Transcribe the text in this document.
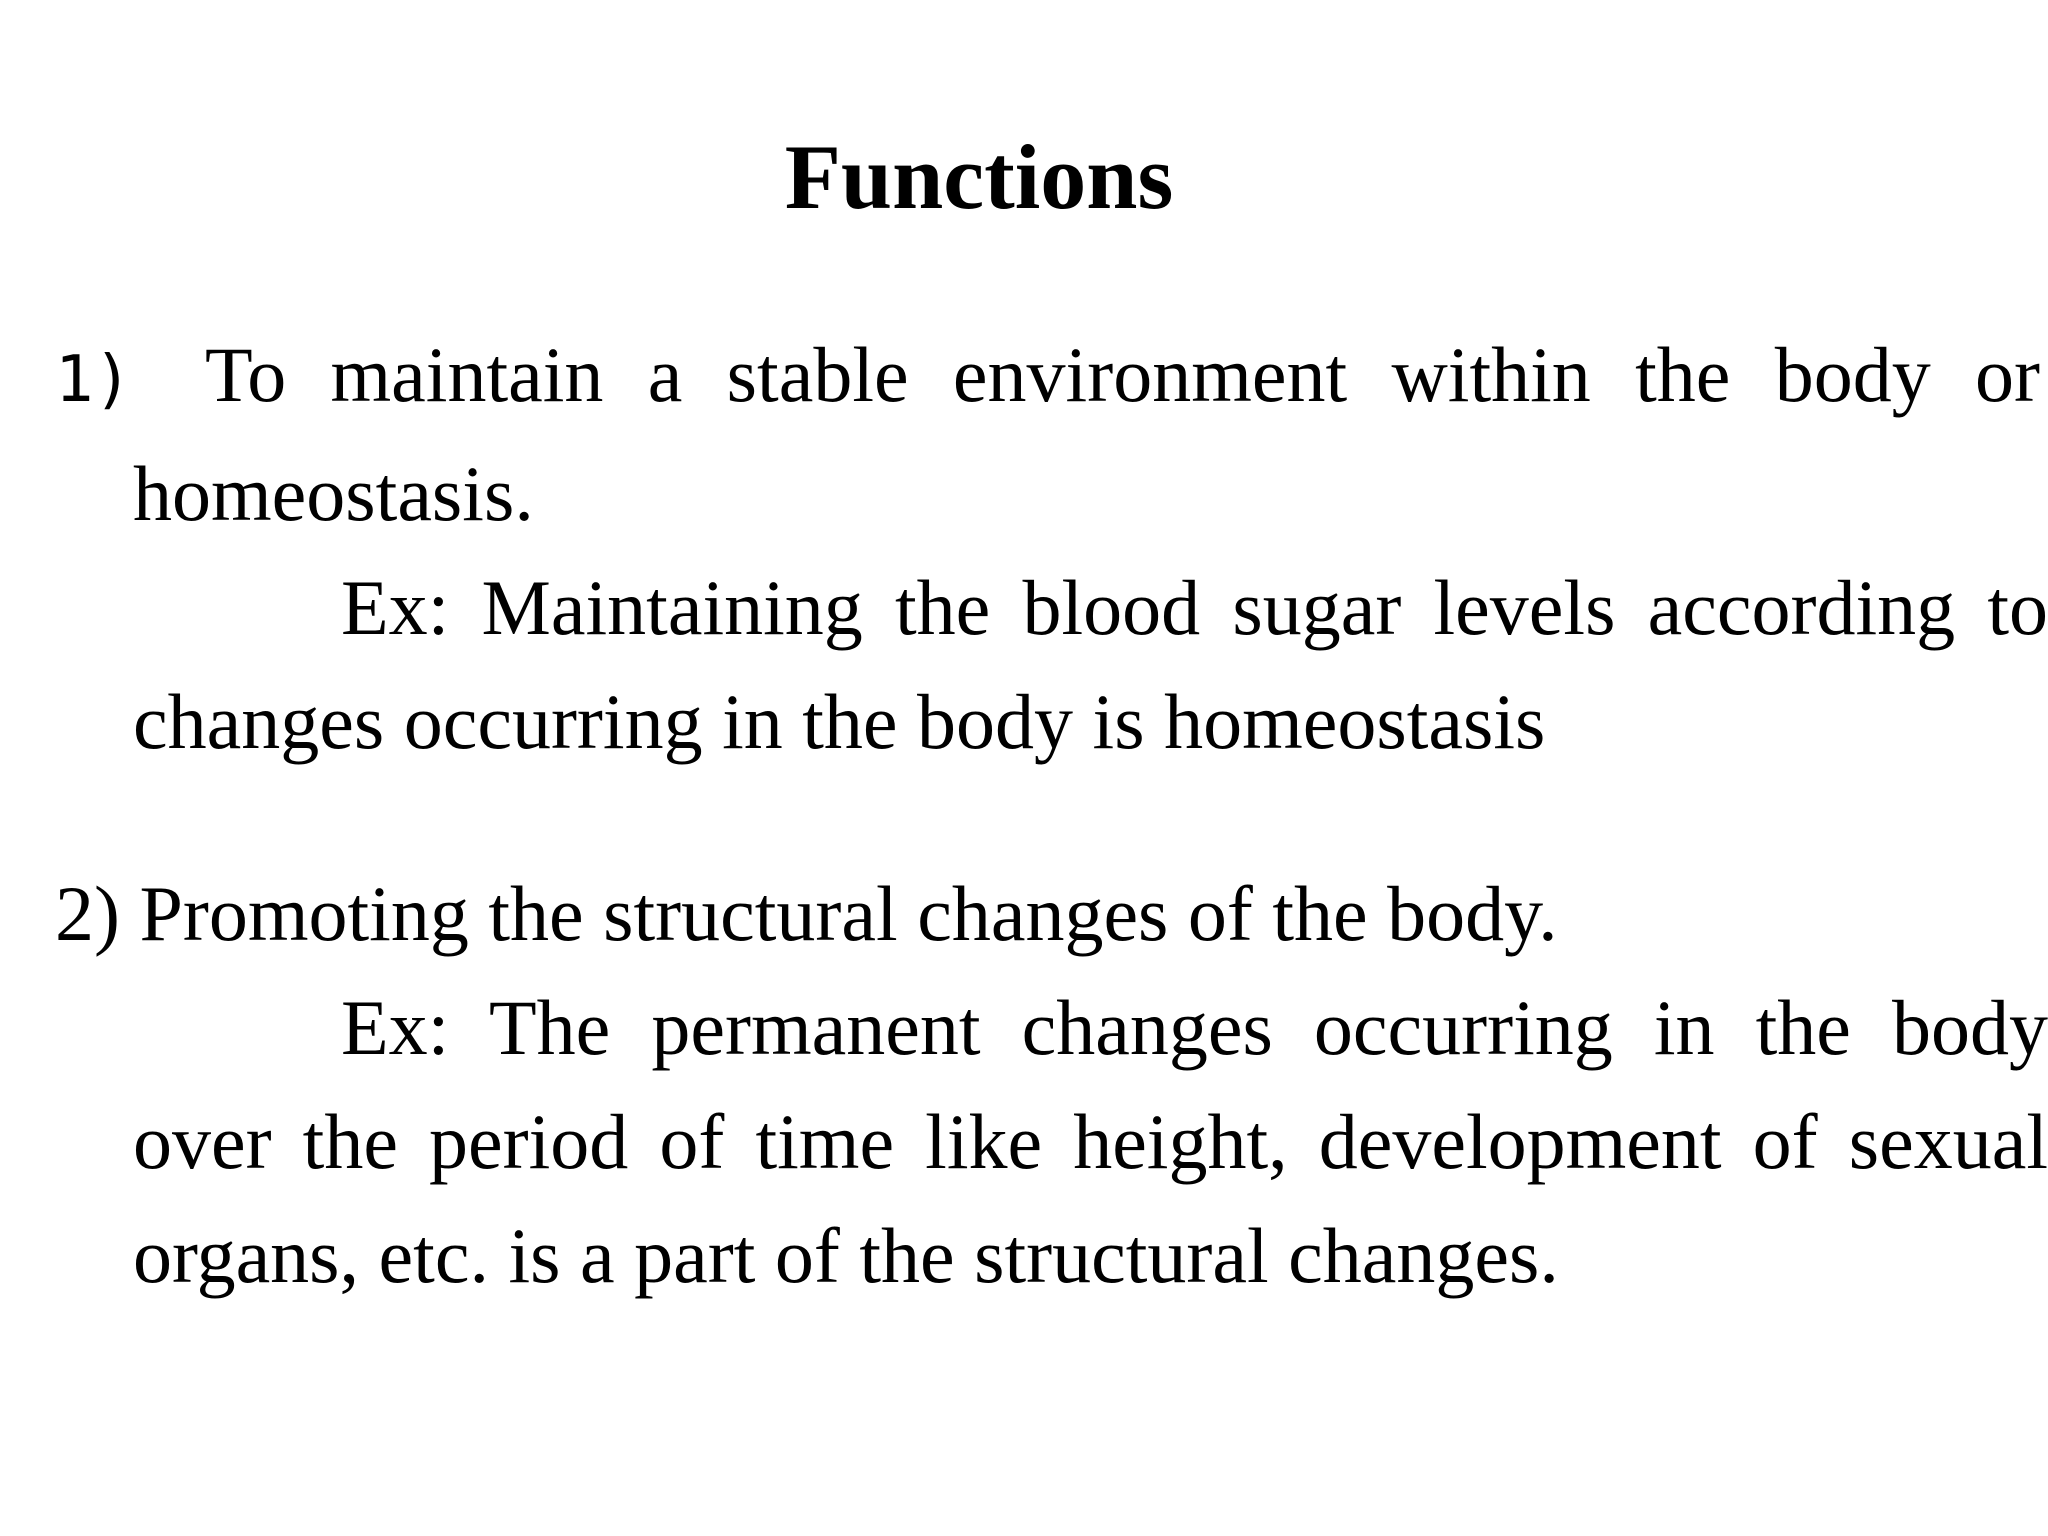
Functions

1) To maintain a stable environment within the body or homeostasis.

Ex: Maintaining the blood sugar levels according to changes occurring in the body is homeostasis

2) Promoting the structural changes of the body.

Ex: The permanent changes occurring in the body over the period of time like height, development of sexual organs, etc. is a part of the structural changes.
